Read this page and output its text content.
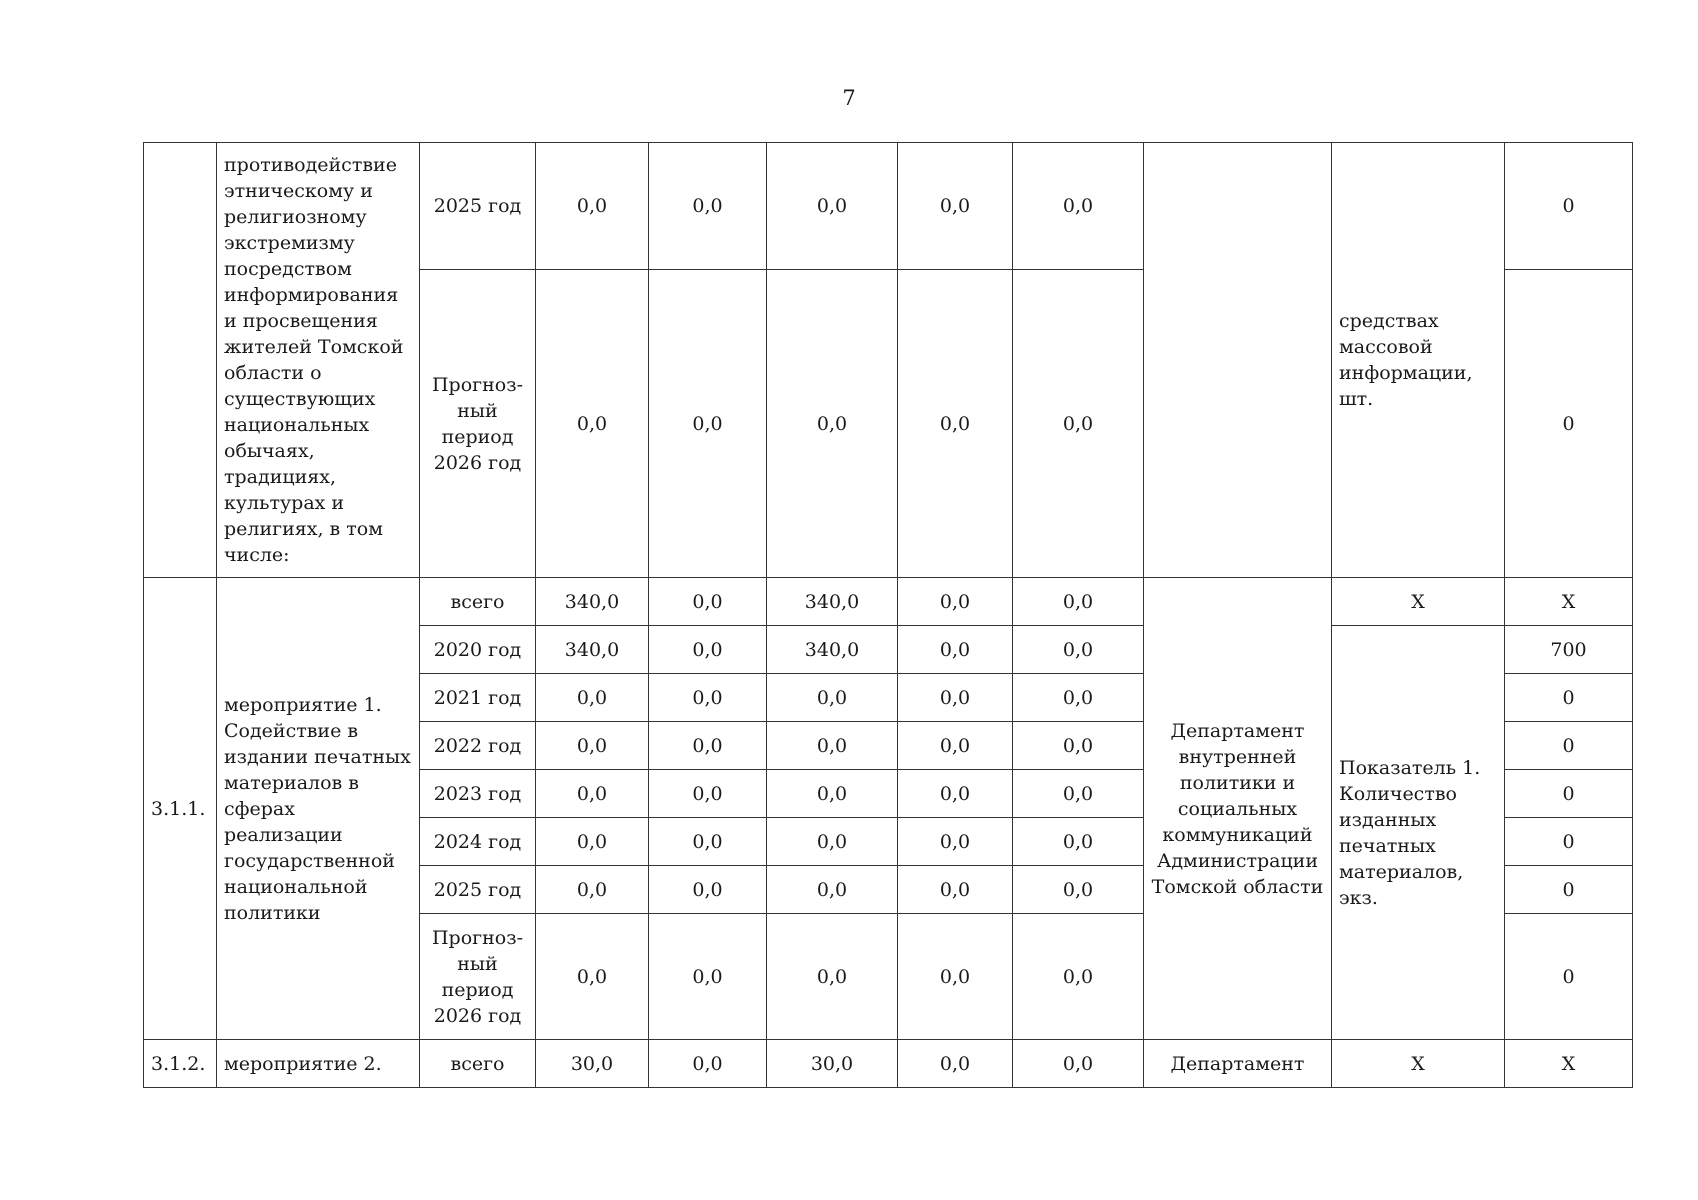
7
	противодействие этническому и религиозному экстремизму посредством информирования и просвещения жителей Томской области о существующих национальных обычаях, традициях, культурах и религиях, в том числе:	2025 год	0,0	0,0	0,0	0,0	0,0		средствах массовой информации, шт.	0
		Прогноз-ный период 2026 год	0,0	0,0	0,0	0,0	0,0			0
3.1.1.	мероприятие 1. Содействие в издании печатных материалов в сферах реализации государственной национальной политики	всего	340,0	0,0	340,0	0,0	0,0	Департамент внутренней политики и социальных коммуникаций Администрации Томской области	Х	Х
		2020 год	340,0	0,0	340,0	0,0	0,0		Показатель 1. Количество изданных печатных материалов, экз.	700
		2021 год	0,0	0,0	0,0	0,0	0,0			0
		2022 год	0,0	0,0	0,0	0,0	0,0			0
		2023 год	0,0	0,0	0,0	0,0	0,0			0
		2024 год	0,0	0,0	0,0	0,0	0,0			0
		2025 год	0,0	0,0	0,0	0,0	0,0			0
		Прогноз-ный период 2026 год	0,0	0,0	0,0	0,0	0,0			0
3.1.2.	мероприятие 2.	всего	30,0	0,0	30,0	0,0	0,0	Департамент	Х	Х
